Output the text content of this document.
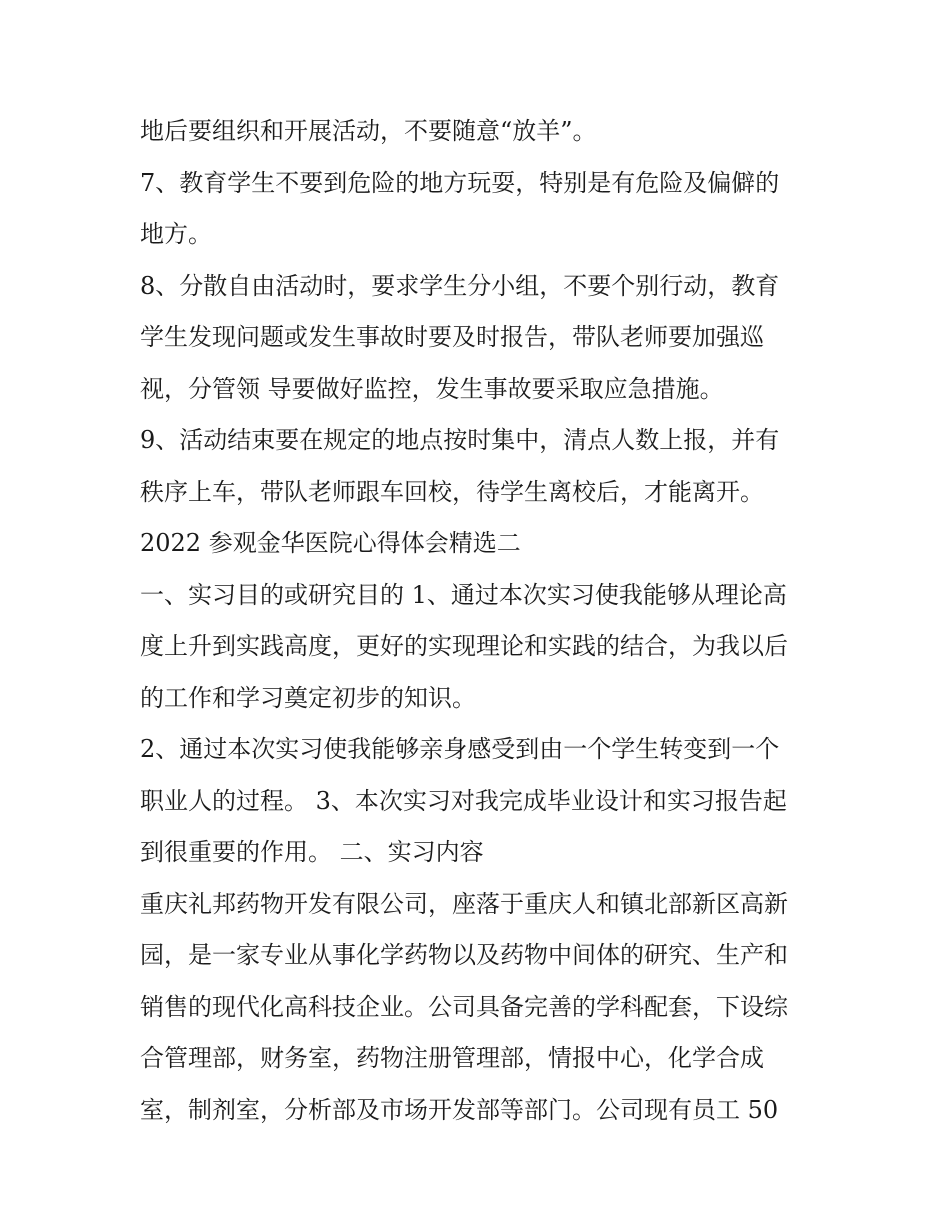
地后要组织和开展活动，不要随意“放羊”。
7、教育学生不要到危险的地方玩耍，特别是有危险及偏僻的
地方。
8、分散自由活动时，要求学生分小组，不要个别行动，教育
学生发现问题或发生事故时要及时报告，带队老师要加强巡
视，分管领 导要做好监控，发生事故要采取应急措施。
9、活动结束要在规定的地点按时集中，清点人数上报，并有
秩序上车，带队老师跟车回校，待学生离校后，才能离开。
2022 参观金华医院心得体会精选二
一、实习目的或研究目的 1、通过本次实习使我能够从理论高
度上升到实践高度，更好的实现理论和实践的结合，为我以后
的工作和学习奠定初步的知识。
2、通过本次实习使我能够亲身感受到由一个学生转变到一个
职业人的过程。 3、本次实习对我完成毕业设计和实习报告起
到很重要的作用。 二、实习内容
重庆礼邦药物开发有限公司，座落于重庆人和镇北部新区高新
园，是一家专业从事化学药物以及药物中间体的研究、生产和
销售的现代化高科技企业。公司具备完善的学科配套，下设综
合管理部，财务室，药物注册管理部，情报中心，化学合成
室，制剂室，分析部及市场开发部等部门。公司现有员工 50
